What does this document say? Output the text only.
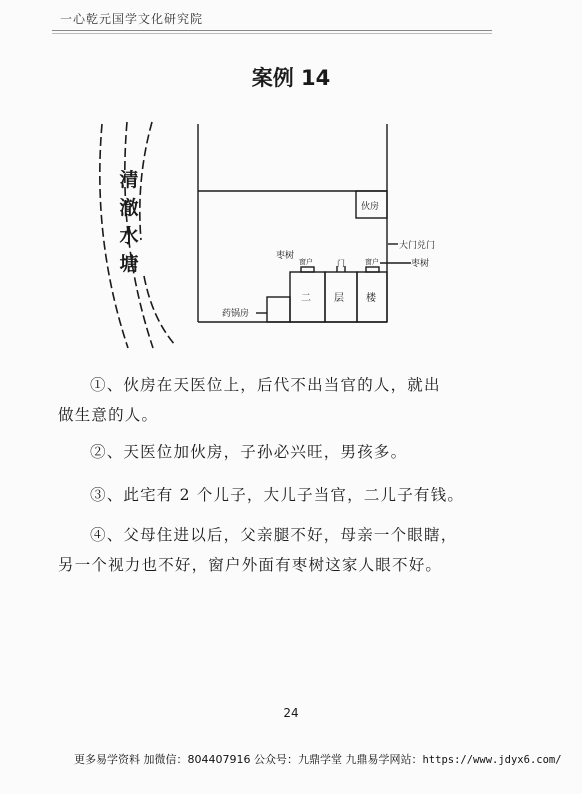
一心乾元国学文化研究院
案例 14
清
澈
水
塘
伙房
大门兑门
枣树
枣树
窗户	门	窗户
药锅房
二 层 楼
①、伙房在天医位上，后代不出当官的人，就出
做生意的人。
②、天医位加伙房，子孙必兴旺，男孩多。
③、此宅有 2 个儿子，大儿子当官，二儿子有钱。
④、父母住进以后，父亲腿不好，母亲一个眼瞎，
另一个视力也不好，窗户外面有枣树这家人眼不好。
24
更多易学资料 加微信：804407916 公众号：九鼎学堂 九鼎易学网站：https://www.jdyx6.com/
